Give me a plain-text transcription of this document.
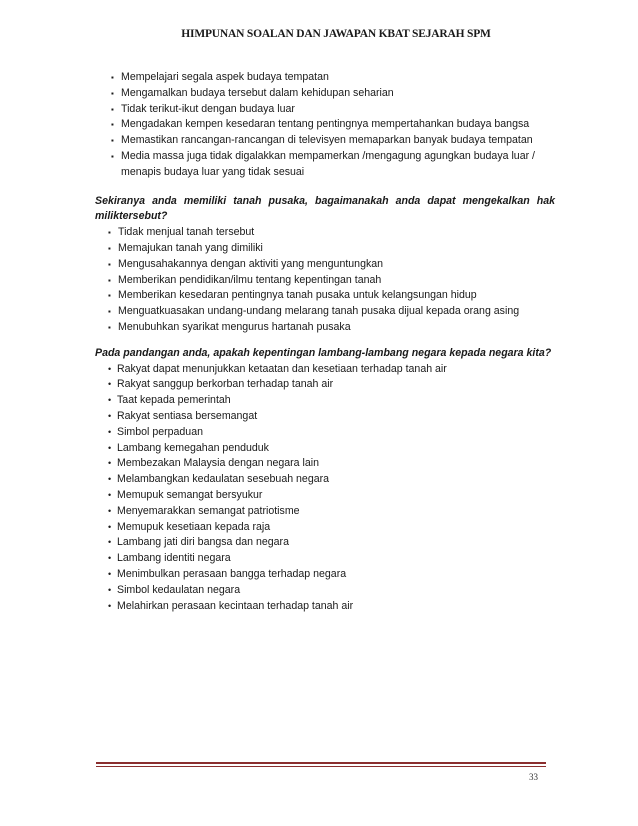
HIMPUNAN SOALAN DAN JAWAPAN KBAT SEJARAH SPM
▪ Mempelajari segala aspek budaya tempatan
▪ Mengamalkan budaya tersebut dalam kehidupan seharian
▪ Tidak terikut-ikut dengan budaya luar
▪ Mengadakan kempen kesedaran tentang pentingnya mempertahankan budaya bangsa
▪ Memastikan rancangan-rancangan di televisyen memaparkan banyak budaya tempatan
▪ Media massa juga tidak digalakkan mempamerkan /mengagung agungkan budaya luar / menapis budaya luar yang tidak sesuai
Sekiranya anda memiliki tanah pusaka, bagaimanakah anda dapat mengekalkan hak miliktersebut?
▪ Tidak menjual tanah tersebut
▪ Memajukan tanah yang dimiliki
▪ Mengusahakannya dengan aktiviti yang menguntungkan
▪ Memberikan pendidikan/ilmu tentang kepentingan tanah
▪ Memberikan kesedaran pentingnya tanah pusaka untuk kelangsungan hidup
▪ Menguatkuasakan undang-undang melarang tanah pusaka dijual kepada orang asing
▪ Menubuhkan syarikat mengurus hartanah pusaka
Pada pandangan anda, apakah kepentingan lambang-lambang negara kepada negara kita?
• Rakyat dapat menunjukkan ketaatan dan kesetiaan terhadap tanah air
• Rakyat sanggup berkorban terhadap tanah air
• Taat kepada pemerintah
• Rakyat sentiasa bersemangat
• Simbol perpaduan
• Lambang kemegahan penduduk
• Membezakan Malaysia dengan negara lain
• Melambangkan kedaulatan sesebuah negara
• Memupuk semangat bersyukur
• Menyemarakkan semangat patriotisme
• Memupuk kesetiaan kepada raja
• Lambang jati diri bangsa dan negara
• Lambang identiti negara
• Menimbulkan perasaan bangga terhadap negara
• Simbol kedaulatan negara
• Melahirkan perasaan kecintaan terhadap tanah air
33
